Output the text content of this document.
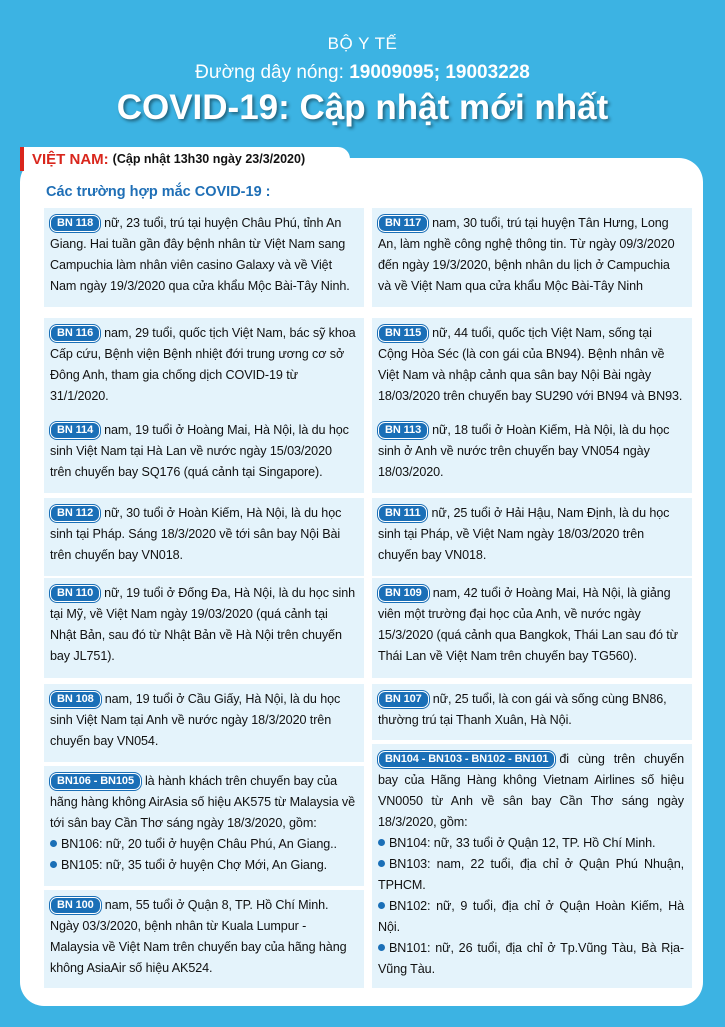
BỘ Y TẾ
Đường dây nóng: 19009095; 19003228
COVID-19: Cập nhật mới nhất
VIỆT NAM: (Cập nhật 13h30 ngày 23/3/2020)
Các trường hợp mắc COVID-19 :
BN 118 nữ, 23 tuổi, trú tại huyện Châu Phú, tỉnh An Giang. Hai tuần gần đây bệnh nhân từ Việt Nam sang Campuchia làm nhân viên casino Galaxy và về Việt Nam ngày 19/3/2020 qua cửa khẩu Mộc Bài-Tây Ninh.
BN 116 nam, 29 tuổi, quốc tịch Việt Nam, bác sỹ khoa Cấp cứu, Bệnh viện Bệnh nhiệt đới trung ương cơ sở Đông Anh, tham gia chống dịch COVID-19 từ 31/1/2020.
BN 114 nam, 19 tuổi ở Hoàng Mai, Hà Nội, là du học sinh Việt Nam tại Hà Lan về nước ngày 15/03/2020 trên chuyến bay SQ176 (quá cảnh tại Singapore).
BN 112 nữ, 30 tuổi ở Hoàn Kiếm, Hà Nội, là du học sinh tại Pháp. Sáng 18/3/2020 về tới sân bay Nội Bài trên chuyến bay VN018.
BN 110 nữ, 19 tuổi ở Đống Đa, Hà Nội, là du học sinh tại Mỹ, về Việt Nam ngày 19/03/2020 (quá cảnh tại Nhật Bản, sau đó từ Nhật Bản về Hà Nội trên chuyến bay JL751).
BN 108 nam, 19 tuổi ở Cầu Giấy, Hà Nội, là du học sinh Việt Nam tại Anh về nước ngày 18/3/2020 trên chuyến bay VN054.
BN106 - BN105 là hành khách trên chuyến bay của hãng hàng không AirAsia số hiệu AK575 từ Malaysia về tới sân bay Cần Thơ sáng ngày 18/3/2020, gồm:
BN106: nữ, 20 tuổi ở huyện Châu Phú, An Giang..
BN105: nữ, 35 tuổi ở huyện Chợ Mới, An Giang.
BN 100 nam, 55 tuổi ở Quận 8, TP. Hồ Chí Minh. Ngày 03/3/2020, bệnh nhân từ Kuala Lumpur - Malaysia về Việt Nam trên chuyến bay của hãng hàng không AsiaAir số hiệu AK524.
BN 117 nam, 30 tuổi, trú tại huyện Tân Hưng, Long An, làm nghề công nghệ thông tin. Từ ngày 09/3/2020 đến ngày 19/3/2020, bệnh nhân du lịch ở Campuchia và về Việt Nam qua cửa khẩu Mộc Bài-Tây Ninh
BN 115 nữ, 44 tuổi, quốc tịch Việt Nam, sống tại Cộng Hòa Séc (là con gái của BN94). Bệnh nhân về Việt Nam và nhập cảnh qua sân bay Nội Bài ngày 18/03/2020 trên chuyến bay SU290 với BN94 và BN93.
BN 113 nữ, 18 tuổi ở Hoàn Kiếm, Hà Nội, là du học sinh ở Anh về nước trên chuyến bay VN054 ngày 18/03/2020.
BN 111 nữ, 25 tuổi ở Hải Hậu, Nam Định, là du học sinh tại Pháp, về Việt Nam ngày 18/03/2020 trên chuyến bay VN018.
BN 109 nam, 42 tuổi ở Hoàng Mai, Hà Nội, là giảng viên một trường đại học của Anh, về nước ngày 15/3/2020 (quá cảnh qua Bangkok, Thái Lan sau đó từ Thái Lan về Việt Nam trên chuyến bay TG560).
BN 107 nữ, 25 tuổi, là con gái và sống cùng BN86, thường trú tại Thanh Xuân, Hà Nội.
BN104 - BN103 - BN102 - BN101 đi cùng trên chuyến bay của Hãng Hàng không Vietnam Airlines số hiệu VN0050 từ Anh về sân bay Cần Thơ sáng ngày 18/3/2020, gồm:
BN104: nữ, 33 tuổi ở Quận 12, TP. Hồ Chí Minh.
BN103: nam, 22 tuổi, địa chỉ ở Quận Phú Nhuận, TPHCM.
BN102: nữ, 9 tuổi, địa chỉ ở Quận Hoàn Kiếm, Hà Nội.
BN101: nữ, 26 tuổi, địa chỉ ở Tp.Vũng Tàu, Bà Rịa-Vũng Tàu.
